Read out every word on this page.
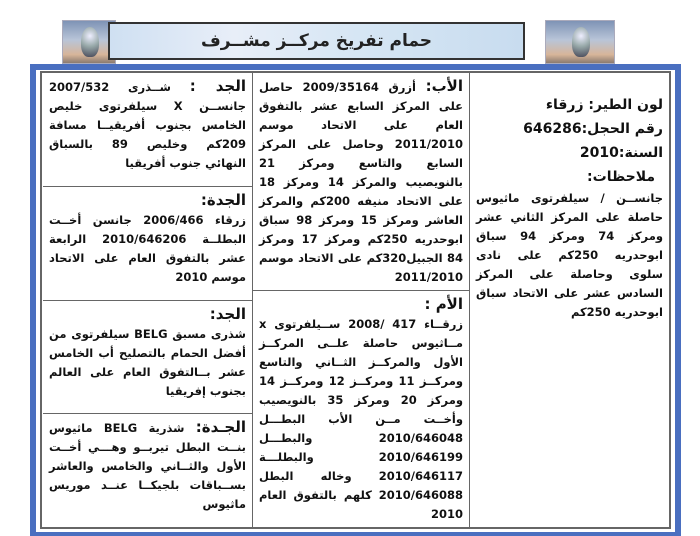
حمام تفريخ مركــز مشــرف
لون الطير: زرقاء
رقم الحجل:646286
السنة:2010
ملاحظات:
جانســن / سيلفرتوى ماثيوس حاصلة على المركز الثاني عشر ومركز 74 ومركز 94 سباق ابوحدريه 250كم على نادى سلوى وحاصلة على المركز السادس عشر على الاتحاد سباق ابوحدريه 250كم
الأب: أزرق 2009/35164 حاصل على المركز السابع عشر بالتفوق العام على الاتحاد موسم 2011/2010 وحاصل على المركز السابع والتاسع ومركز 21 بالنويصيب والمركز 14 ومركز 18 على الاتحاد منيفه 200كم والمركز العاشر ومركز 15 ومركز 98 سباق ابوحدريه 250كم ومركز 17 ومركز 84 الجبيل320كم على الاتحاد موسم 2011/2010
الأم :
زرقــاء 417 /2008 ســيلفرتوى x مــاثيوس حاصلة علــى المركــز الأول والمركــز الثــاني والتاسع ومركــز 11 ومركــز 12 ومركــز 14 ومركز 20 ومركز 35 بالنويصيب وأخــت مــن الأب البطـــل 2010/646048 والبطـــل 2010/646199 والبطلـــة 2010/646117 وخاله البطل 2010/646088 كلهم بالتفوق العام 2010
الجد : شــذرى 2007/532 جانســن X سيلفرتوى خليص الخامس بجنوب أفريقيــا مسافة 209كم وخليص 89 بالسباق النهائي جنوب أفريقيا
الجدة:
زرقاء 2006/466 جانسن أخــت البطلــة 2010/646206 الرابعة عشر بالتفوق العام على الاتحاد موسم 2010
الجد:
شذرى مسبق BELG سيلفرتوى من أفضل الحمام بالتصليح أب الخامس عشر بــالتفوق العام على العالم بجنوب إفريقيا
الجـدة: شذرية BELG ماثيوس بنــت البطل تيربــو وهـــي أخــت الأول والثــاني والخامس والعاشر بســباقات بلجيكــا عنــد موريس ماثيوس
